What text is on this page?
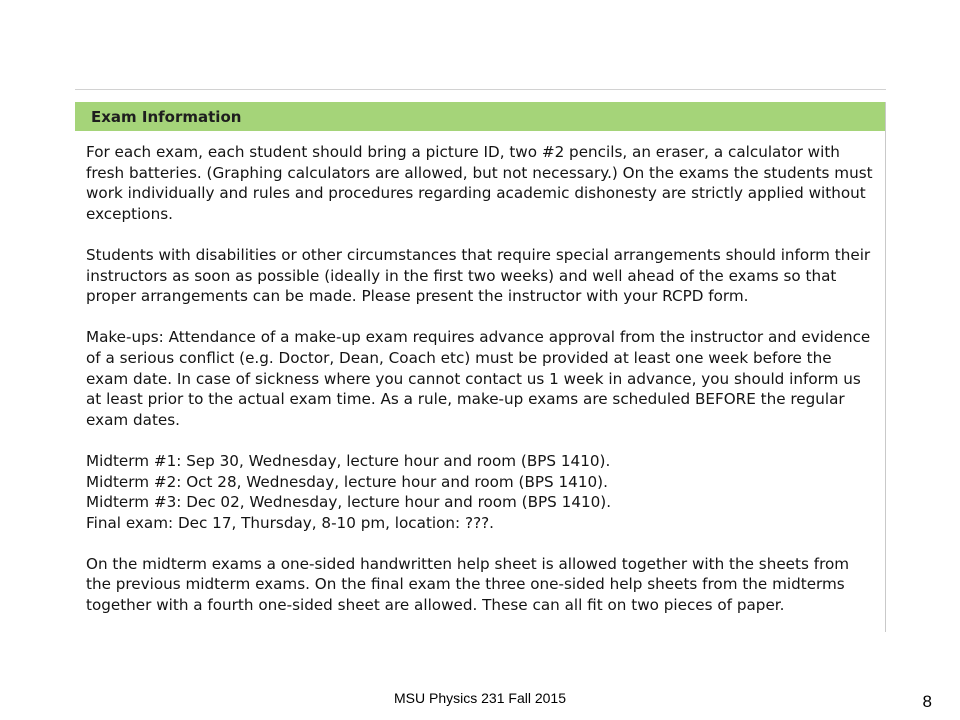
Exam Information

For each exam, each student should bring a picture ID, two #2 pencils, an eraser, a calculator with fresh batteries. (Graphing calculators are allowed, but not necessary.) On the exams the students must work individually and rules and procedures regarding academic dishonesty are strictly applied without exceptions.

Students with disabilities or other circumstances that require special arrangements should inform their instructors as soon as possible (ideally in the first two weeks) and well ahead of the exams so that proper arrangements can be made. Please present the instructor with your RCPD form.

Make-ups: Attendance of a make-up exam requires advance approval from the instructor and evidence of a serious conflict (e.g. Doctor, Dean, Coach etc) must be provided at least one week before the exam date. In case of sickness where you cannot contact us 1 week in advance, you should inform us at least prior to the actual exam time. As a rule, make-up exams are scheduled BEFORE the regular exam dates.

Midterm #1: Sep 30, Wednesday, lecture hour and room (BPS 1410).
Midterm #2: Oct 28, Wednesday, lecture hour and room (BPS 1410).
Midterm #3: Dec 02, Wednesday, lecture hour and room (BPS 1410).
Final exam: Dec 17, Thursday, 8-10 pm, location: ???.

On the midterm exams a one-sided handwritten help sheet is allowed together with the sheets from the previous midterm exams. On the final exam the three one-sided help sheets from the midterms together with a fourth one-sided sheet are allowed. These can all fit on two pieces of paper.

MSU Physics 231 Fall 2015	8
